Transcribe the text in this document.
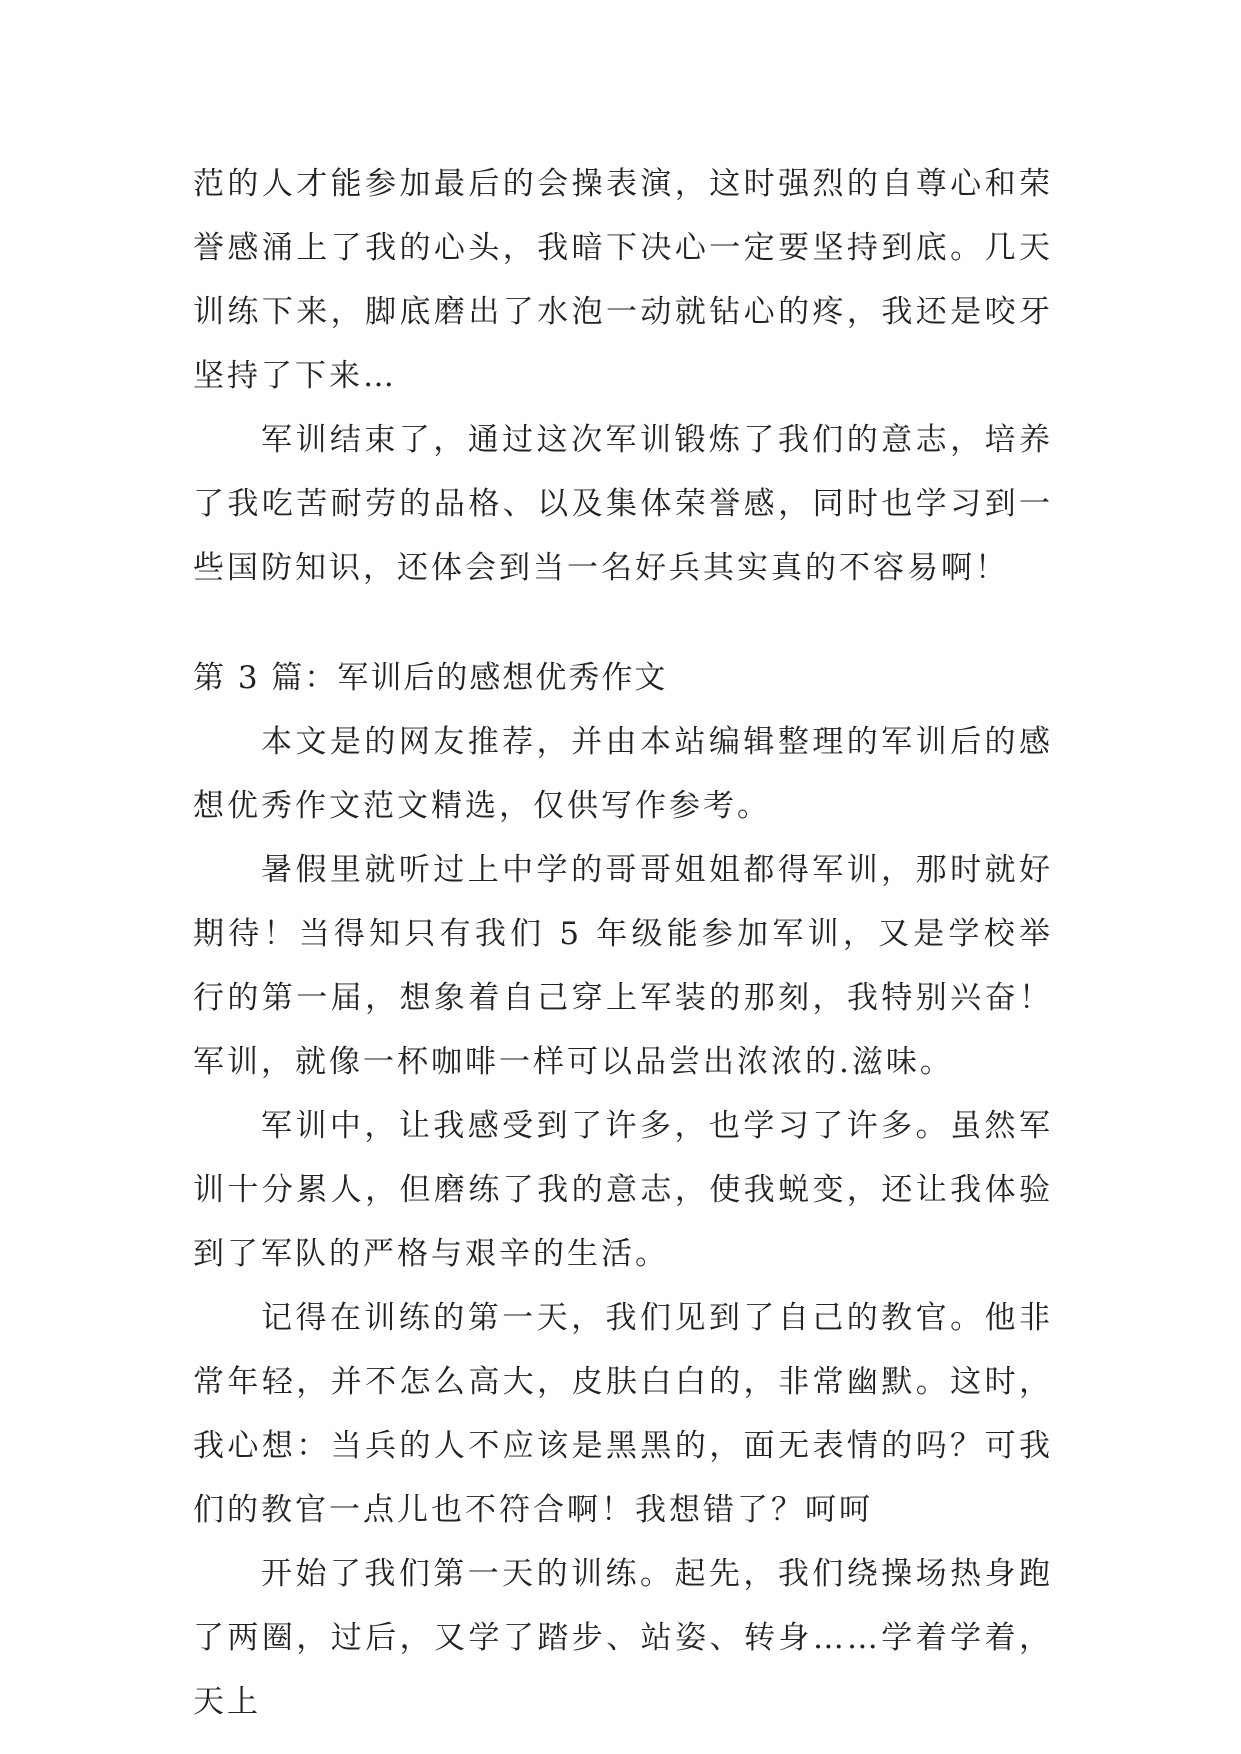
范的人才能参加最后的会操表演，这时强烈的自尊心和荣誉感涌上了我的心头，我暗下决心一定要坚持到底。几天训练下来，脚底磨出了水泡一动就钻心的疼，我还是咬牙坚持了下来…

军训结束了，通过这次军训锻炼了我们的意志，培养了我吃苦耐劳的品格、以及集体荣誉感，同时也学习到一些国防知识，还体会到当一名好兵其实真的不容易啊！

第 3 篇：军训后的感想优秀作文

本文是的网友推荐，并由本站编辑整理的军训后的感想优秀作文范文精选，仅供写作参考。

暑假里就听过上中学的哥哥姐姐都得军训，那时就好期待！当得知只有我们 5 年级能参加军训，又是学校举行的第一届，想象着自己穿上军装的那刻，我特别兴奋！军训，就像一杯咖啡一样可以品尝出浓浓的.滋味。

军训中，让我感受到了许多，也学习了许多。虽然军训十分累人，但磨练了我的意志，使我蜕变，还让我体验到了军队的严格与艰辛的生活。

记得在训练的第一天，我们见到了自己的教官。他非常年轻，并不怎么高大，皮肤白白的，非常幽默。这时，我心想：当兵的人不应该是黑黑的，面无表情的吗？可我们的教官一点儿也不符合啊！我想错了？呵呵

开始了我们第一天的训练。起先，我们绕操场热身跑了两圈，过后，又学了踏步、站姿、转身……学着学着，天上
